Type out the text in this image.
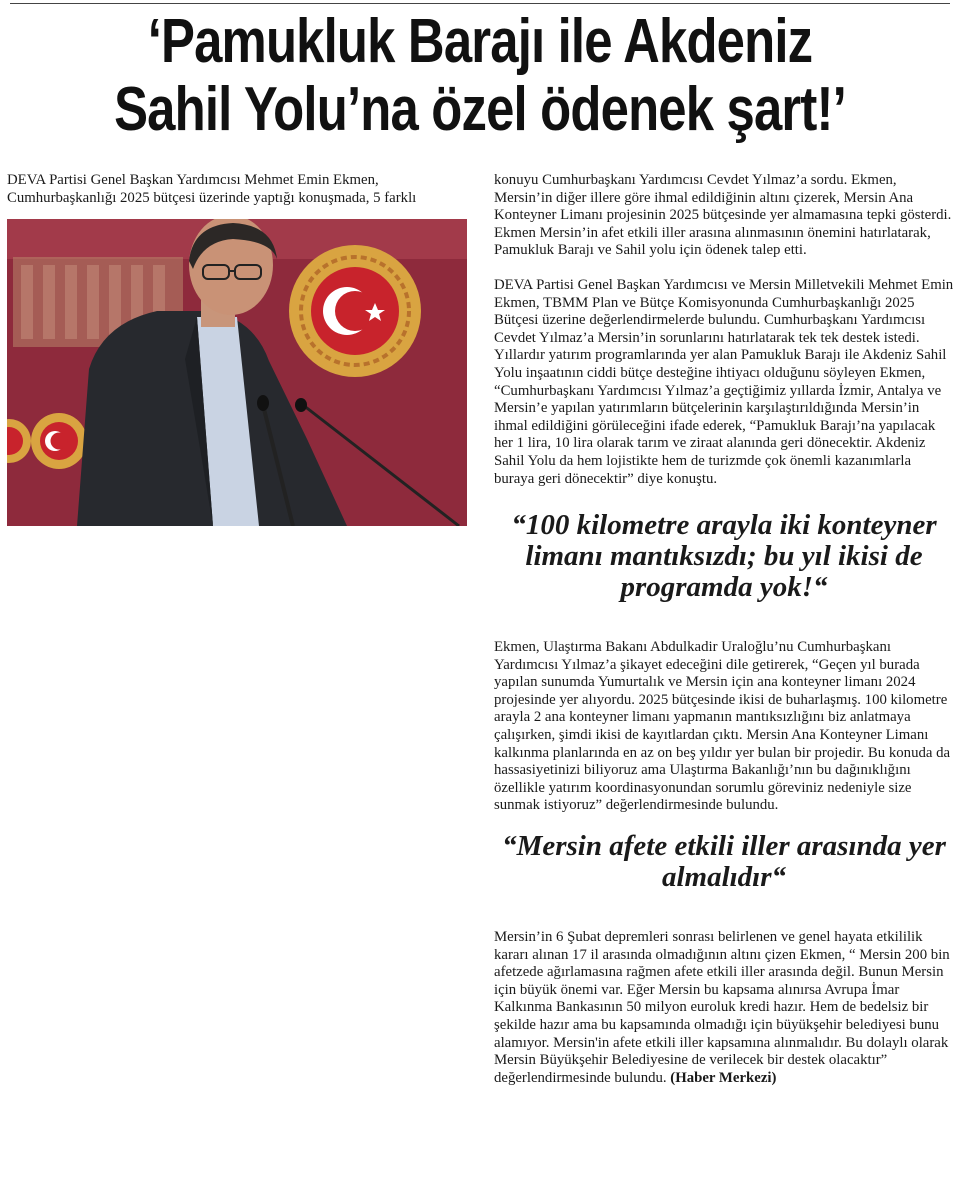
‘Pamukluk Barajı ile Akdeniz
Sahil Yolu’na özel ödenek şart!’

DEVA Partisi Genel Başkan Yardımcısı Mehmet Emin Ekmen, Cumhurbaşkanlığı 2025 bütçesi üzerinde yaptığı konuşmada, 5 farklı

konuyu Cumhurbaşkanı Yardımcısı Cevdet Yılmaz’a sordu. Ekmen, Mersin’in diğer illere göre ihmal edildiğinin altını çizerek, Mersin Ana Konteyner Limanı projesinin 2025 bütçesinde yer almamasına tepki gösterdi. Ekmen Mersin’in afet etkili iller arasına alınmasının önemini hatırlatarak, Pamukluk Barajı ve Sahil yolu için ödenek talep etti.

DEVA Partisi Genel Başkan Yardımcısı ve Mersin Milletvekili Mehmet Emin Ekmen, TBMM Plan ve Bütçe Komisyonunda Cumhurbaşkanlığı 2025 Bütçesi üzerine değerlendirmelerde bulundu. Cumhurbaşkanı Yardımcısı Cevdet Yılmaz’a Mersin’in sorunlarını hatırlatarak tek tek destek istedi.

Yıllardır yatırım programlarında yer alan Pamukluk Barajı ile Akdeniz Sahil Yolu inşaatının ciddi bütçe desteğine ihtiyacı olduğunu söyleyen Ekmen, “Cumhurbaşkanı Yardımcısı Yılmaz’a geçtiğimiz yıllarda İzmir, Antalya ve Mersin’e yapılan yatırımların bütçelerinin karşılaştırıldığında Mersin’in ihmal edildiğini görüleceğini ifade ederek, “Pamukluk Barajı’na yapılacak her 1 lira, 10 lira olarak tarım ve ziraat alanında geri dönecektir. Akdeniz Sahil Yolu da hem lojistikte hem de turizmde çok önemli kazanımlarla buraya geri dönecektir” diye konuştu.

“100 kilometre arayla iki konteyner limanı mantıksızdı; bu yıl ikisi de programda yok!“

Ekmen, Ulaştırma Bakanı Abdulkadir Uraloğlu’nu Cumhurbaşkanı Yardımcısı Yılmaz’a şikayet edeceğini dile getirerek, “Geçen yıl burada yapılan sunumda Yumurtalık ve Mersin için ana konteyner limanı 2024 projesinde yer alıyordu. 2025 bütçesinde ikisi de buharlaşmış. 100 kilometre arayla 2 ana konteyner limanı yapmanın mantıksızlığını biz anlatmaya çalışırken, şimdi ikisi de kayıtlardan çıktı. Mersin Ana Konteyner Limanı kalkınma planlarında en az on beş yıldır yer bulan bir projedir. Bu konuda da hassasiyetinizi biliyoruz ama Ulaştırma Bakanlığı’nın bu dağınıklığını özellikle yatırım koordinasyonundan sorumlu göreviniz nedeniyle size sunmak istiyoruz” değerlendirmesinde bulundu.

“Mersin afete etkili iller arasında yer almalıdır“

Mersin’in 6 Şubat depremleri sonrası belirlenen ve genel hayata etkililik kararı alınan 17 il arasında olmadığının altını çizen Ekmen, “ Mersin 200 bin afetzede ağırlamasına rağmen afete etkili iller arasında değil. Bunun Mersin için büyük önemi var. Eğer Mersin bu kapsama alınırsa Avrupa İmar Kalkınma Bankasının 50 milyon euroluk kredi hazır. Hem de bedelsiz bir şekilde hazır ama bu kapsamında olmadığı için büyükşehir belediyesi bunu alamıyor. Mersin'in afete etkili iller kapsamına alınmalıdır. Bu dolaylı olarak Mersin Büyükşehir Belediyesine de verilecek bir destek olacaktır” değerlendirmesinde bulundu. (Haber Merkezi)
